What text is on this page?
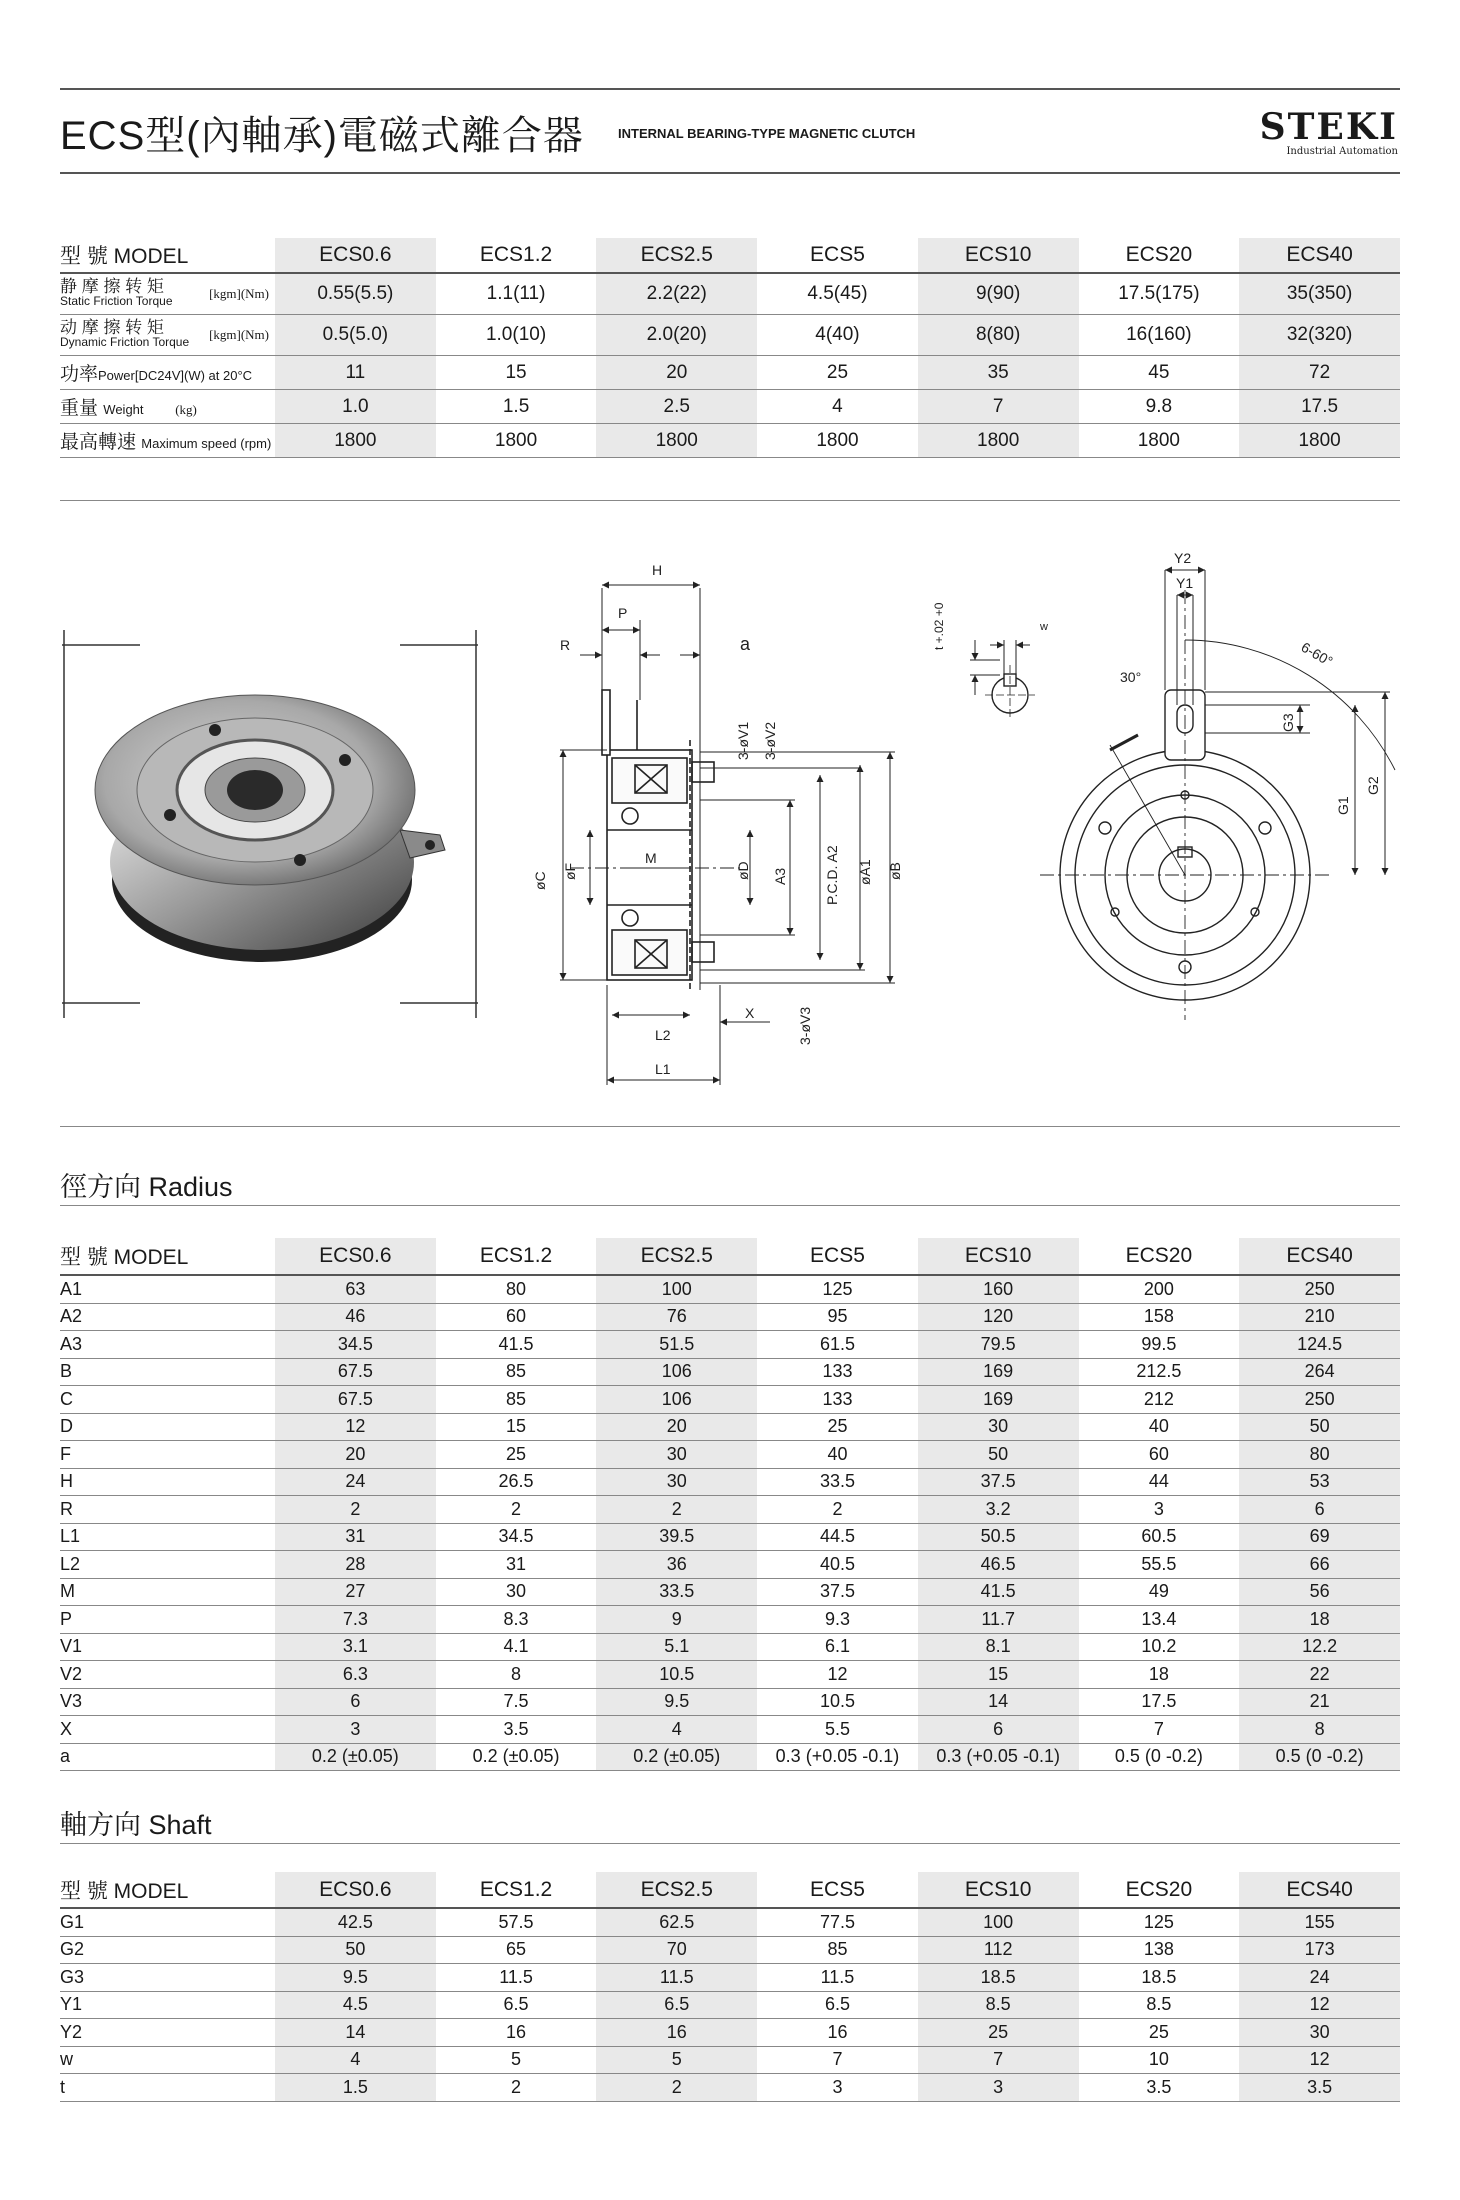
ECS型(內軸承)電磁式離合器	INTERNAL BEARING-TYPE MAGNETIC CLUTCH	STEKI
Industrial Automation
型 號 MODEL	ECS0.6	ECS1.2	ECS2.5	ECS5	ECS10	ECS20	ECS40

静 摩 擦 转 矩
Static Friction Torque [kgm](Nm)	0.55(5.5)	1.1(11)	2.2(22)	4.5(45)	9(90)	17.5(175)	35(350)

动 摩 擦 转 矩
Dynamic Friction Torque [kgm](Nm)	0.5(5.0)	1.0(10)	2.0(20)	4(40)	8(80)	16(160)	32(320)
功率Power[DC24V](W) at 20°C	11	15	20	25	35	45	72
重量 Weight (kg)	1.0	1.5	2.5	4	7	9.8	17.5
最高轉速 Maximum speed (rpm)	1800	1800	1800	1800	1800	1800	1800
H
P
R	a
3-øV1 3-øV2
øC øF
M
øD A3	P.C.D. A2 øA1 øB
L2
L1
X	3-øV3
t +.02 +0	w
Y2
Y1
30°
6-60°
G3
G1
G2
徑方向 Radius
型 號 MODEL	ECS0.6	ECS1.2	ECS2.5	ECS5	ECS10	ECS20	ECS40
A1	63	80	100	125	160	200	250
A2	46	60	76	95	120	158	210
A3	34.5	41.5	51.5	61.5	79.5	99.5	124.5
B	67.5	85	106	133	169	212.5	264
C	67.5	85	106	133	169	212	250
D	12	15	20	25	30	40	50
F	20	25	30	40	50	60	80
H	24	26.5	30	33.5	37.5	44	53
R	2	2	2	2	3.2	3	6
L1	31	34.5	39.5	44.5	50.5	60.5	69
L2	28	31	36	40.5	46.5	55.5	66
M	27	30	33.5	37.5	41.5	49	56
P	7.3	8.3	9	9.3	11.7	13.4	18
V1	3.1	4.1	5.1	6.1	8.1	10.2	12.2
V2	6.3	8	10.5	12	15	18	22
V3	6	7.5	9.5	10.5	14	17.5	21
X	3	3.5	4	5.5	6	7	8
a	0.2 (±0.05)	0.2 (±0.05)	0.2 (±0.05)	0.3 (+0.05 -0.1)	0.3 (+0.05 -0.1)	0.5 (0 -0.2)	0.5 (0 -0.2)
軸方向 Shaft
型 號 MODEL	ECS0.6	ECS1.2	ECS2.5	ECS5	ECS10	ECS20	ECS40
G1	42.5	57.5	62.5	77.5	100	125	155
G2	50	65	70	85	112	138	173
G3	9.5	11.5	11.5	11.5	18.5	18.5	24
Y1	4.5	6.5	6.5	6.5	8.5	8.5	12
Y2	14	16	16	16	25	25	30
w	4	5	5	7	7	10	12
t	1.5	2	2	3	3	3.5	3.5
